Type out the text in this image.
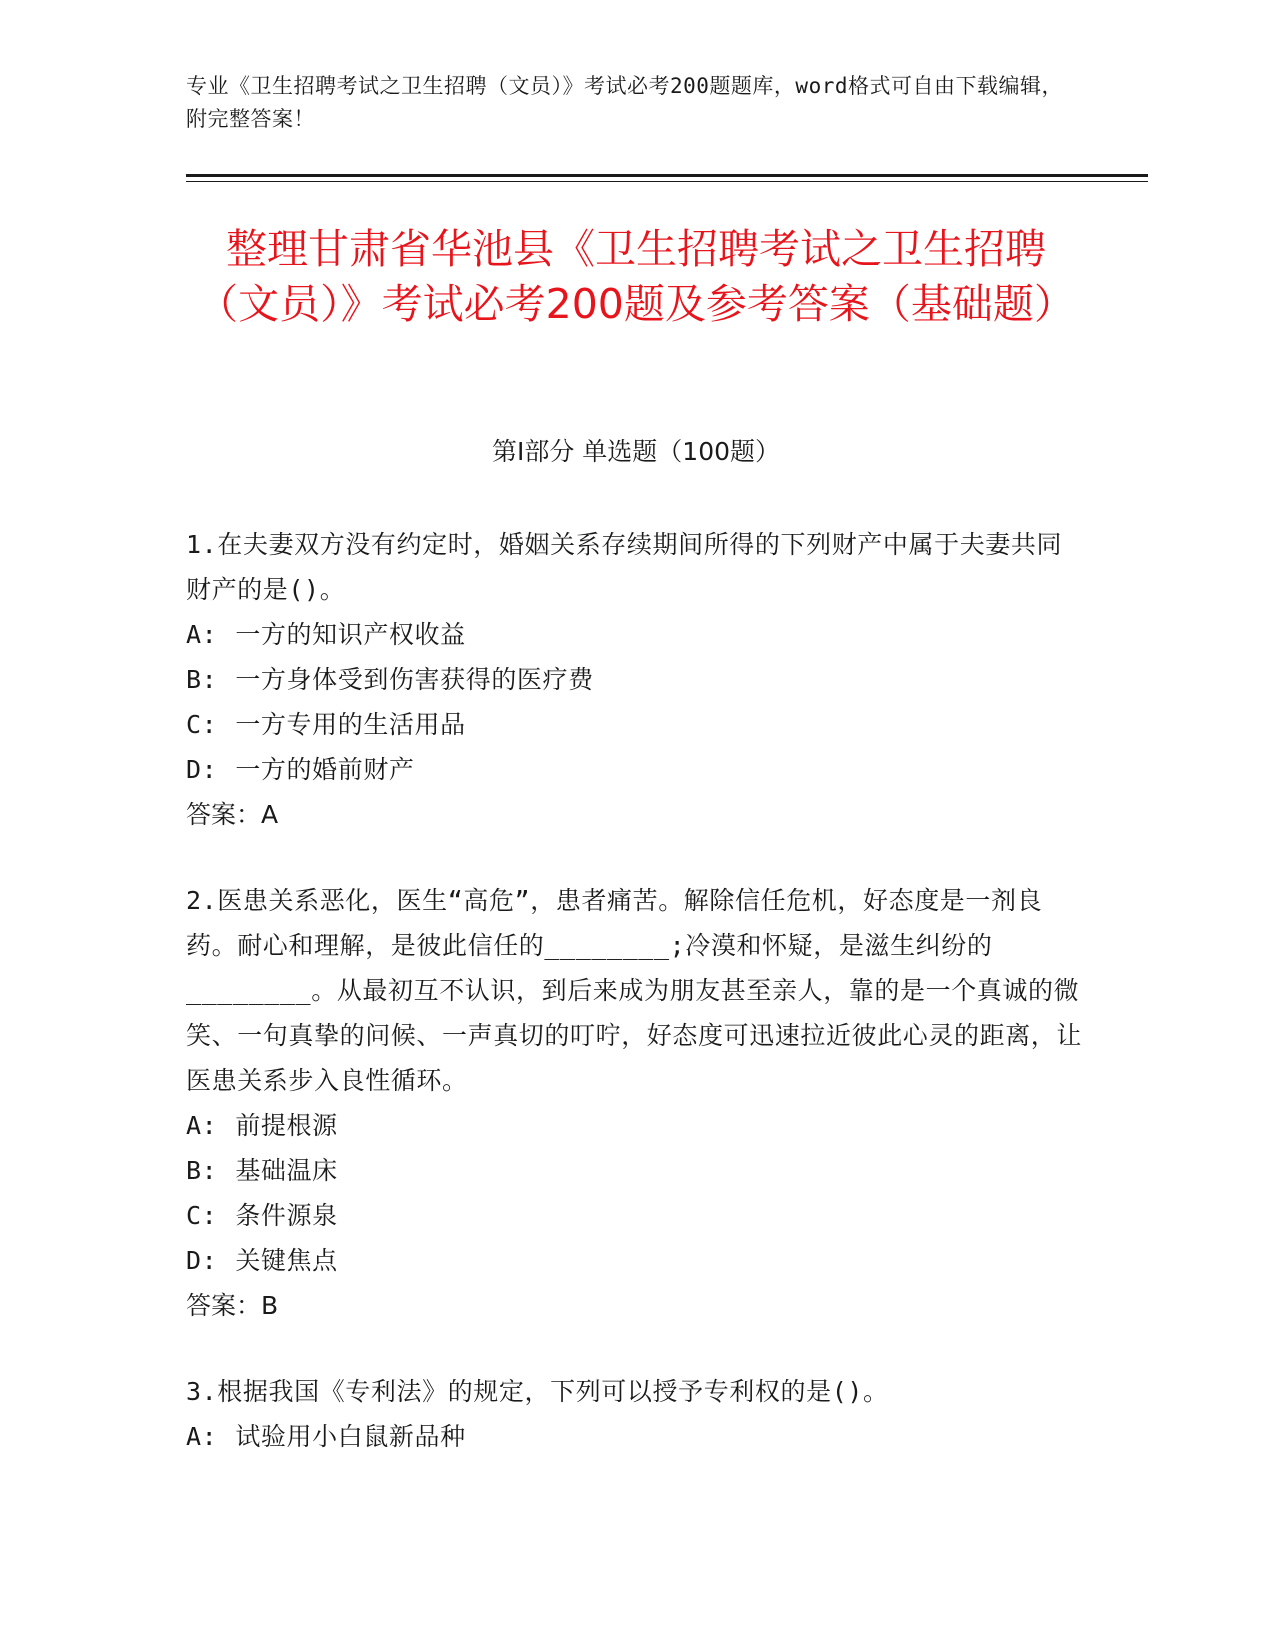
专业《卫生招聘考试之卫生招聘（文员）》考试必考200题题库，word格式可自由下载编辑，附完整答案！
整理甘肃省华池县《卫生招聘考试之卫生招聘（文员）》考试必考200题及参考答案（基础题）
第Ⅰ部分 单选题（100题）

1.在夫妻双方没有约定时，婚姻关系存续期间所得的下列财产中属于夫妻共同财产的是()。

A: 一方的知识产权收益

B: 一方身体受到伤害获得的医疗费

C: 一方专用的生活用品

D: 一方的婚前财产

答案：A

2.医患关系恶化，医生“高危”，患者痛苦。解除信任危机，好态度是一剂良药。耐心和理解，是彼此信任的________;冷漠和怀疑，是滋生纠纷的________。从最初互不认识，到后来成为朋友甚至亲人，靠的是一个真诚的微笑、一句真挚的问候、一声真切的叮咛，好态度可迅速拉近彼此心灵的距离，让医患关系步入良性循环。

A: 前提根源

B: 基础温床

C: 条件源泉

D: 关键焦点

答案：B

3.根据我国《专利法》的规定，下列可以授予专利权的是()。

A: 试验用小白鼠新品种
